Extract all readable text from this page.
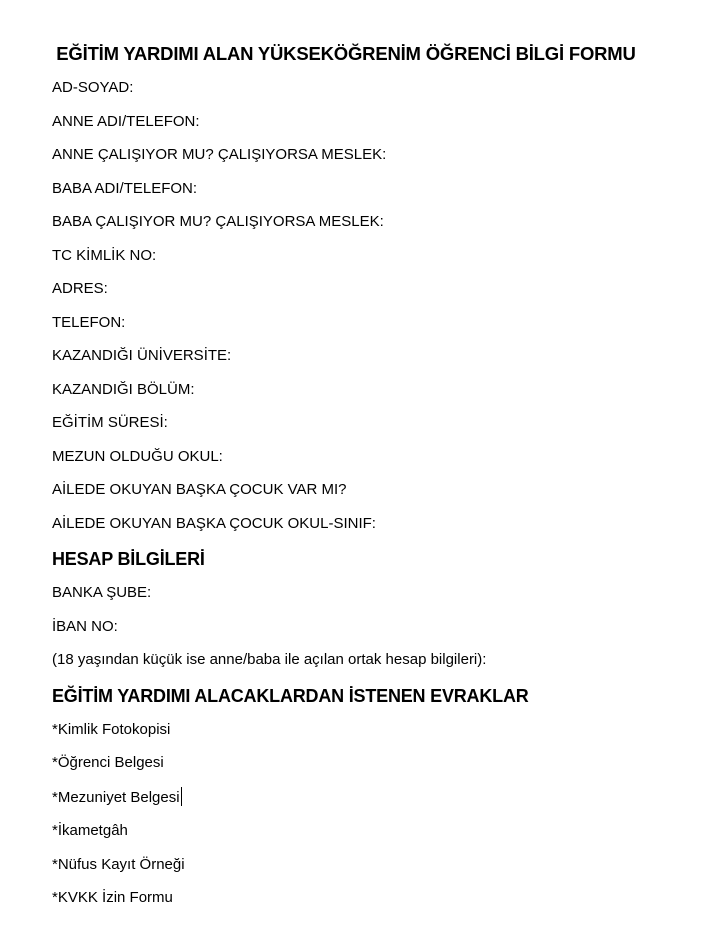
EĞİTİM YARDIMI ALAN YÜKSEKÖĞRENİM ÖĞRENCİ BİLGİ FORMU

AD-SOYAD:

ANNE ADI/TELEFON:

ANNE ÇALIŞIYOR MU? ÇALIŞIYORSA MESLEK:

BABA ADI/TELEFON:

BABA ÇALIŞIYOR MU? ÇALIŞIYORSA MESLEK:

TC KİMLİK NO:

ADRES:

TELEFON:

KAZANDIĞI ÜNİVERSİTE:

KAZANDIĞI BÖLÜM:

EĞİTİM SÜRESİ:

MEZUN OLDUĞU OKUL:

AİLEDE OKUYAN BAŞKA ÇOCUK VAR MI?

AİLEDE OKUYAN BAŞKA ÇOCUK OKUL-SINIF:

HESAP BİLGİLERİ

BANKA ŞUBE:

İBAN NO:

(18 yaşından küçük ise anne/baba ile açılan ortak hesap bilgileri):

EĞİTİM YARDIMI ALACAKLARDAN İSTENEN EVRAKLAR

*Kimlik Fotokopisi

*Öğrenci Belgesi

*Mezuniyet Belgesi

*İkametgâh

*Nüfus Kayıt Örneği

*KVKK İzin Formu
